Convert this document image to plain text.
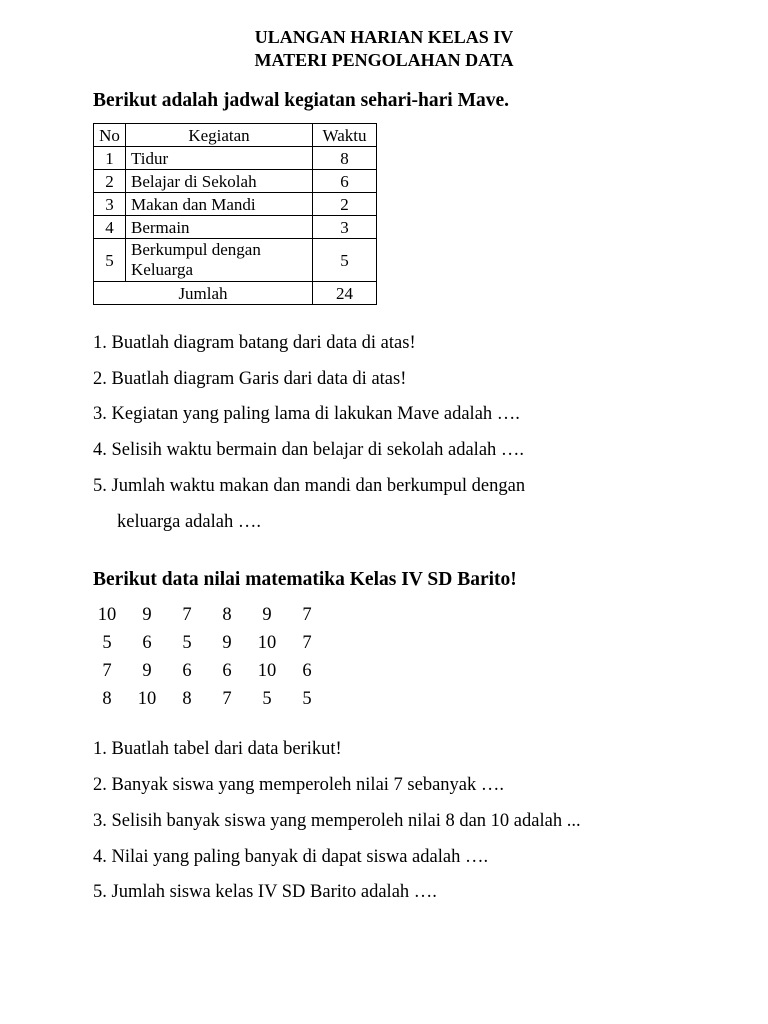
ULANGAN HARIAN KELAS IV
MATERI PENGOLAHAN DATA
Berikut adalah jadwal kegiatan sehari-hari Mave.
No	Kegiatan	Waktu
1	Tidur	8
2	Belajar di Sekolah	6
3	Makan dan Mandi	2
4	Bermain	3
5	Berkumpul dengan
Keluarga	5
Jumlah		24
1. Buatlah diagram batang dari data di atas!
2. Buatlah diagram Garis dari data di atas!
3. Kegiatan yang paling lama di lakukan Mave adalah ….
4. Selisih waktu bermain dan belajar di sekolah adalah ….
5. Jumlah waktu makan dan mandi dan berkumpul dengan
keluarga adalah ….
Berikut data nilai matematika Kelas IV SD Barito!
10	9	7	8	9	7
5	6	5	9	10	7
7	9	6	6	10	6
8	10	8	7	5	5
1. Buatlah tabel dari data berikut!
2. Banyak siswa yang memperoleh nilai 7 sebanyak ….
3. Selisih banyak siswa yang memperoleh nilai 8 dan 10 adalah ...
4. Nilai yang paling banyak di dapat siswa adalah ….
5. Jumlah siswa kelas IV SD Barito adalah ….
